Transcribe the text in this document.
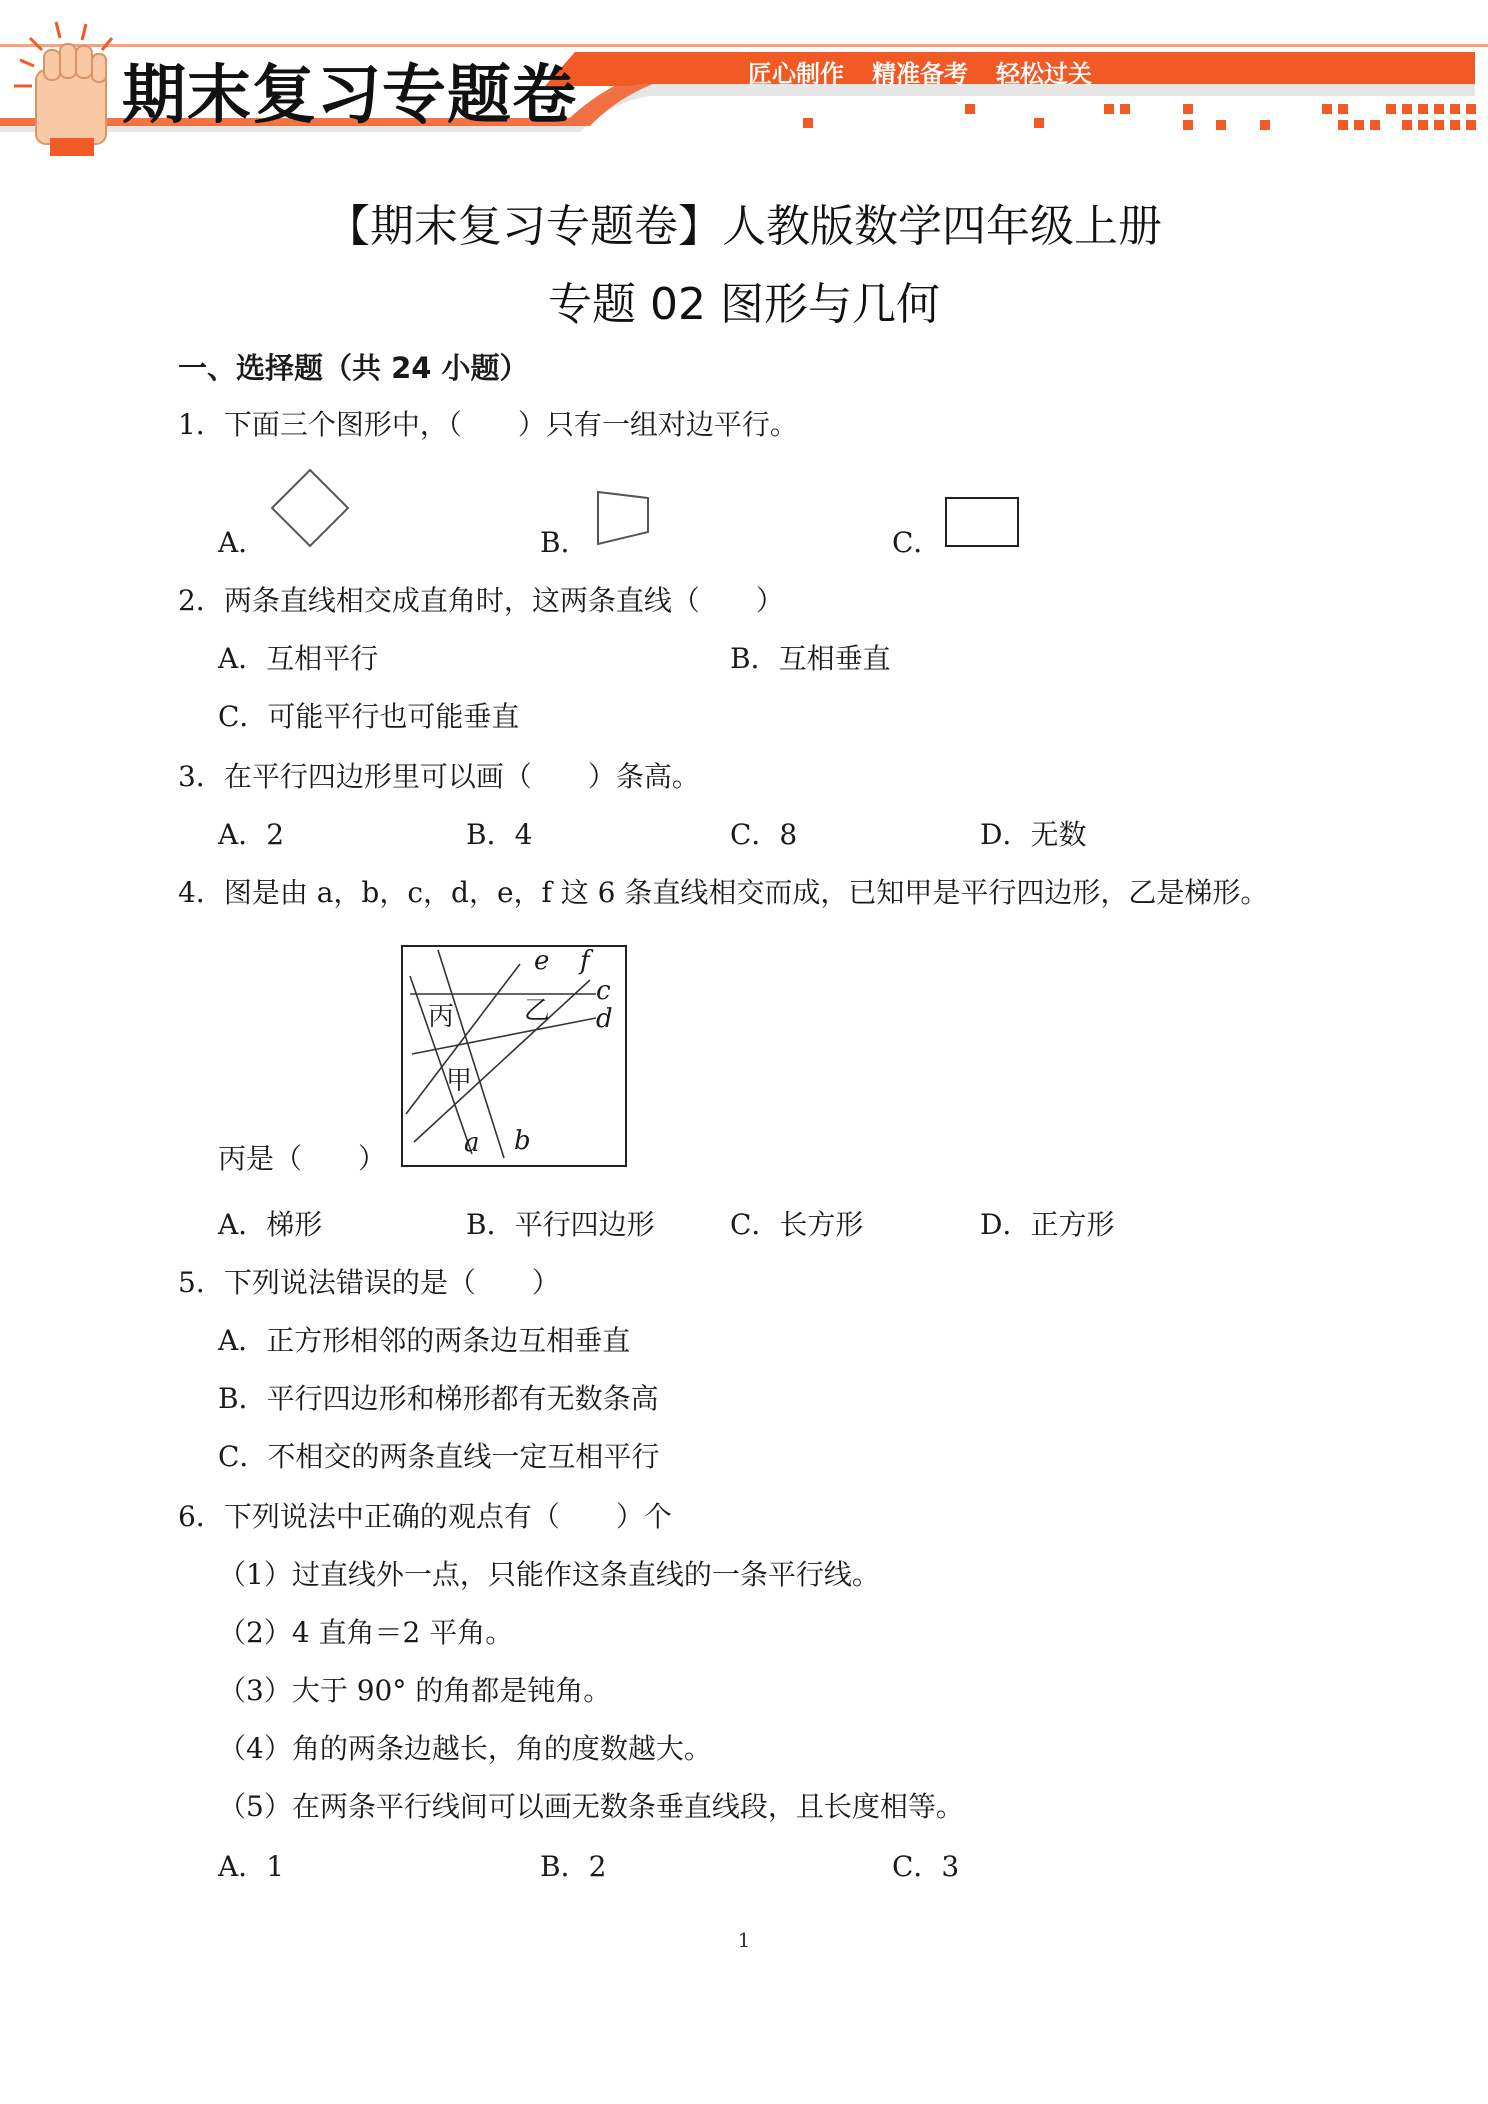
期末复习专题卷	匠心制作 精准备考 轻松过关
【期末复习专题卷】人教版数学四年级上册
专题 02 图形与几何
一、选择题（共 24 小题）
1．下面三个图形中，（　　）只有一组对边平行。
A．	B．	C．
2．两条直线相交成直角时，这两条直线（　　）
A．互相平行	B．互相垂直
C．可能平行也可能垂直
3．在平行四边形里可以画（　　）条高。
A．2	B．4	C．8	D．无数
4．图是由 a，b，c，d，e，f 这 6 条直线相交而成，已知甲是平行四边形，乙是梯形。
e f
c
d
a b
丙	乙
甲
丙是（　　）
A．梯形	B．平行四边形	C．长方形	D．正方形
5．下列说法错误的是（　　）
A．正方形相邻的两条边互相垂直
B．平行四边形和梯形都有无数条高
C．不相交的两条直线一定互相平行
6．下列说法中正确的观点有（　　）个
（1）过直线外一点，只能作这条直线的一条平行线。
（2）4 直角＝2 平角。
（3）大于 90° 的角都是钝角。
（4）角的两条边越长，角的度数越大。
（5）在两条平行线间可以画无数条垂直线段，且长度相等。
A．1	B．2	C．3
1
